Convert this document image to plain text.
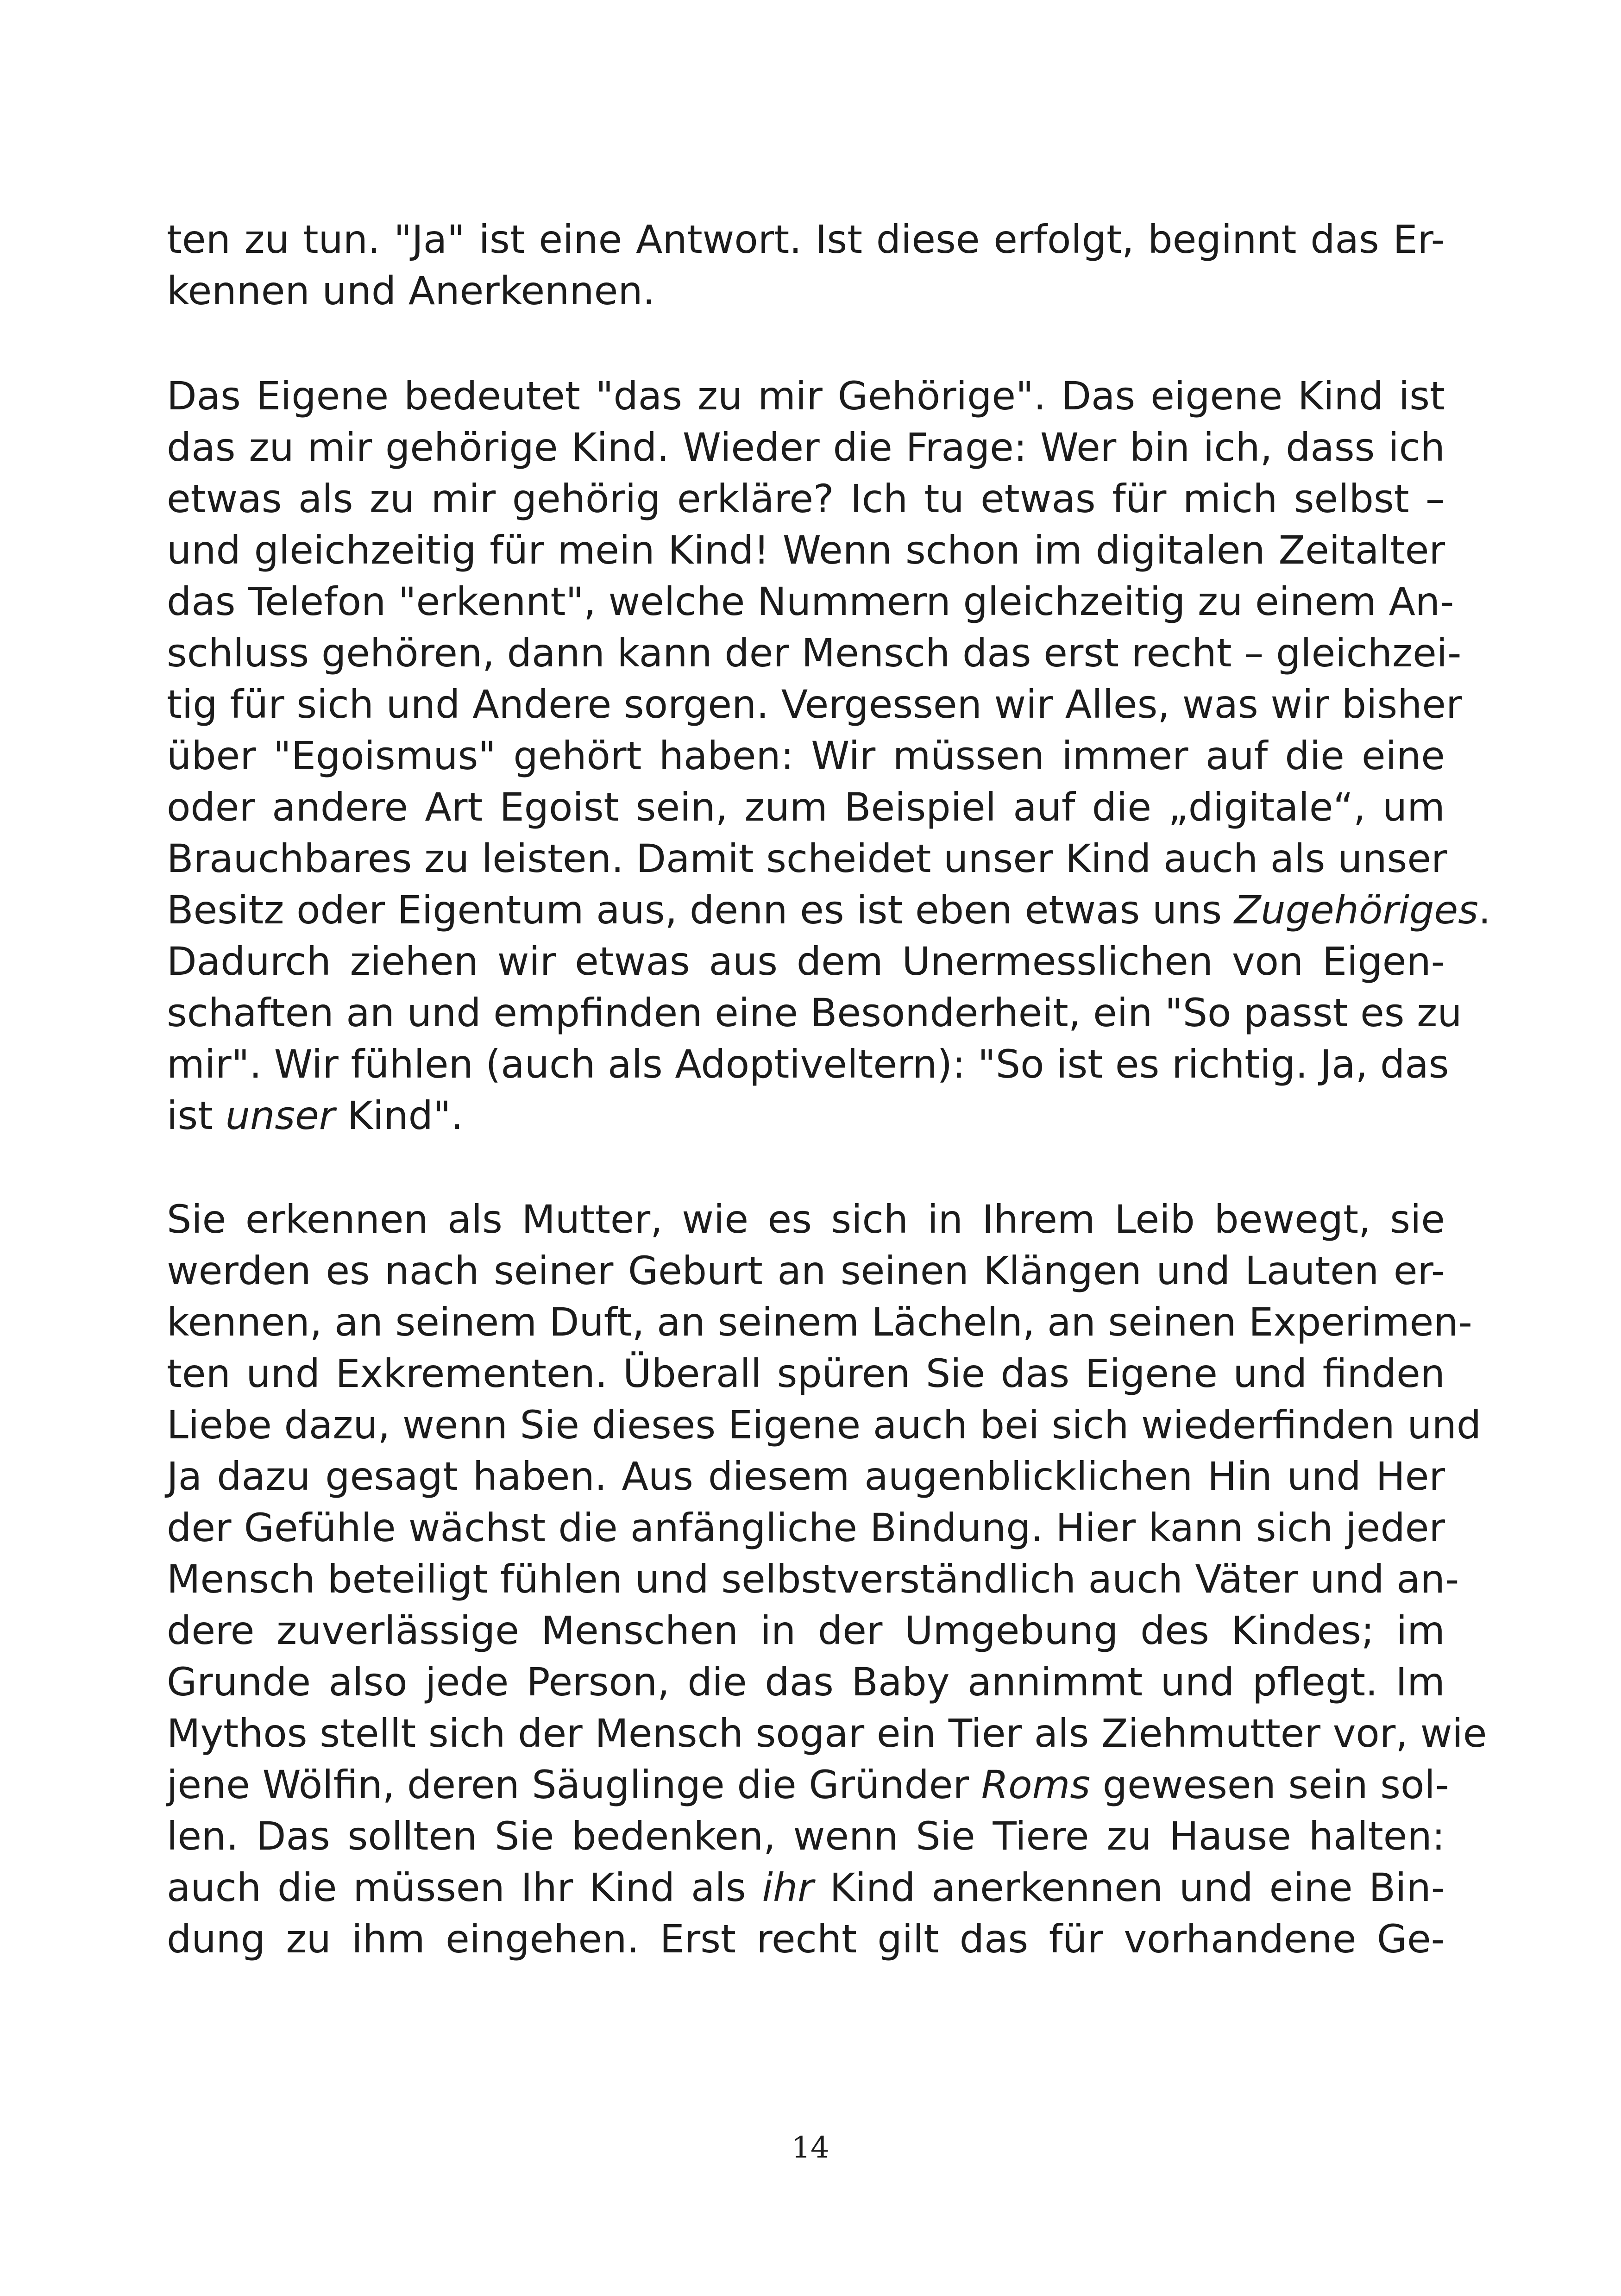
ten zu tun. "Ja" ist eine Antwort. Ist diese erfolgt, beginnt das Er-
kennen und Anerkennen.
Das Eigene bedeutet "das zu mir Gehörige". Das eigene Kind ist
das zu mir gehörige Kind. Wieder die Frage: Wer bin ich, dass ich
etwas als zu mir gehörig erkläre? Ich tu etwas für mich selbst –
und gleichzeitig für mein Kind! Wenn schon im digitalen Zeitalter
das Telefon "erkennt", welche Nummern gleichzeitig zu einem An-
schluss gehören, dann kann der Mensch das erst recht – gleichzei-
tig für sich und Andere sorgen. Vergessen wir Alles, was wir bisher
über "Egoismus" gehört haben: Wir müssen immer auf die eine
oder andere Art Egoist sein, zum Beispiel auf die „digitale“, um
Brauchbares zu leisten. Damit scheidet unser Kind auch als unser
Besitz oder Eigentum aus, denn es ist eben etwas uns Zugehöriges.
Dadurch ziehen wir etwas aus dem Unermesslichen von Eigen-
schaften an und empfinden eine Besonderheit, ein "So passt es zu
mir". Wir fühlen (auch als Adoptiveltern): "So ist es richtig. Ja, das
ist unser Kind".
Sie erkennen als Mutter, wie es sich in Ihrem Leib bewegt, sie
werden es nach seiner Geburt an seinen Klängen und Lauten er-
kennen, an seinem Duft, an seinem Lächeln, an seinen Experimen-
ten und Exkrementen. Überall spüren Sie das Eigene und finden
Liebe dazu, wenn Sie dieses Eigene auch bei sich wiederfinden und
Ja dazu gesagt haben. Aus diesem augenblicklichen Hin und Her
der Gefühle wächst die anfängliche Bindung. Hier kann sich jeder
Mensch beteiligt fühlen und selbstverständlich auch Väter und an-
dere zuverlässige Menschen in der Umgebung des Kindes; im
Grunde also jede Person, die das Baby annimmt und pflegt. Im
Mythos stellt sich der Mensch sogar ein Tier als Ziehmutter vor, wie
jene Wölfin, deren Säuglinge die Gründer Roms gewesen sein sol-
len. Das sollten Sie bedenken, wenn Sie Tiere zu Hause halten:
auch die müssen Ihr Kind als ihr Kind anerkennen und eine Bin-
dung zu ihm eingehen. Erst recht gilt das für vorhandene Ge-
14
